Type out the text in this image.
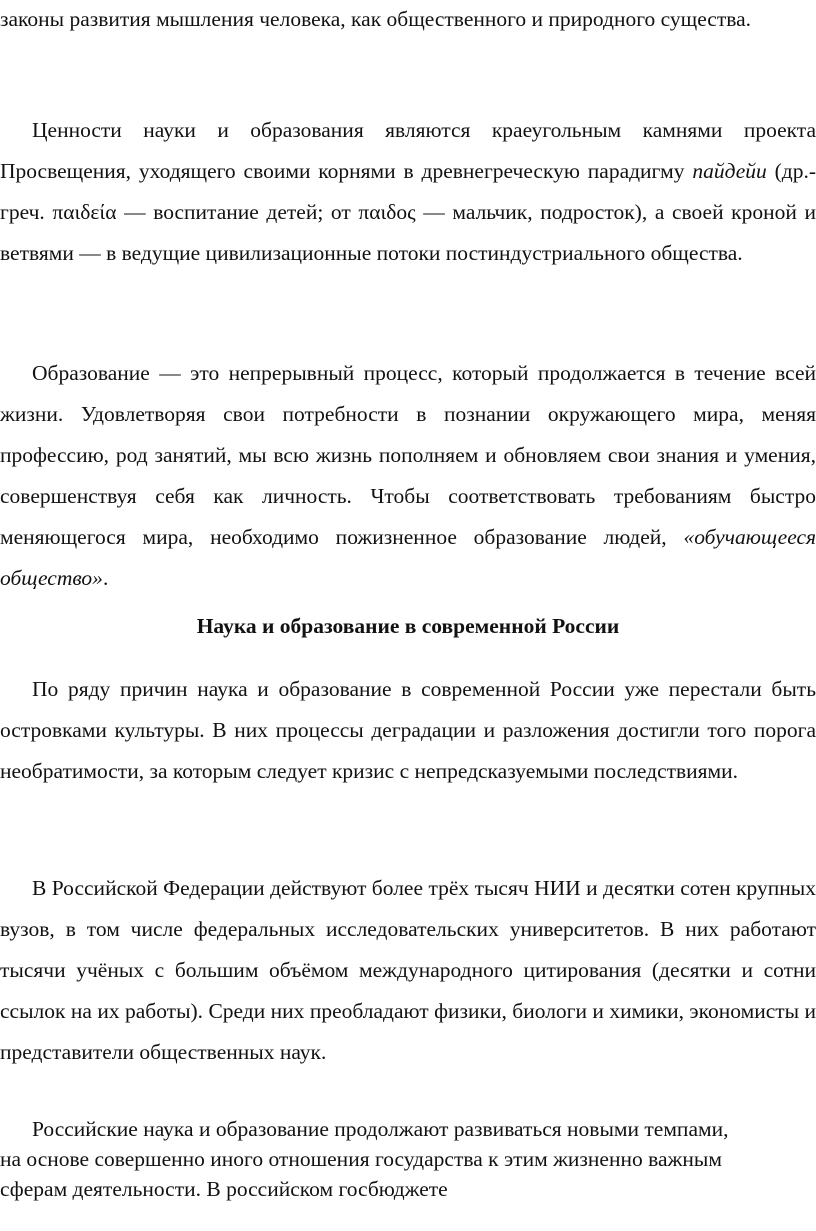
законы развития мышления человека, как общественного и природного существа.

Ценности науки и образования являются краеугольным камнями проекта Просвещения, уходящего своими корнями в древнегреческую парадигму пайдейи (др.-греч. παιδεία — воспитание детей; от παιδος — мальчик, подросток), а своей кроной и ветвями — в ведущие цивилизационные потоки постиндустриального общества.

Образование — это непрерывный процесс, который продолжается в течение всей жизни. Удовлетворяя свои потребности в познании окружающего мира, меняя профессию, род занятий, мы всю жизнь пополняем и обновляем свои знания и умения, совершенствуя себя как личность. Чтобы соответствовать требованиям быстро меняющегося мира, необходимо пожизненное образование людей, «обучающееся общество».

Наука и образование в современной России

По ряду причин наука и образование в современной России уже перестали быть островками культуры. В них процессы деградации и разложения достигли того порога необратимости, за которым следует кризис с непредсказуемыми последствиями.

В Российской Федерации действуют более трёх тысяч НИИ и десятки сотен крупных вузов, в том числе федеральных исследовательских университетов. В них работают тысячи учёных с большим объёмом международного цитирования (десятки и сотни ссылок на их работы). Среди них преобладают физики, биологи и химики, экономисты и представители общественных наук.

Российские наука и образование продолжают развиваться новыми темпами, на основе совершенно иного отношения государства к этим жизненно важным сферам деятельности. В российском госбюджете
